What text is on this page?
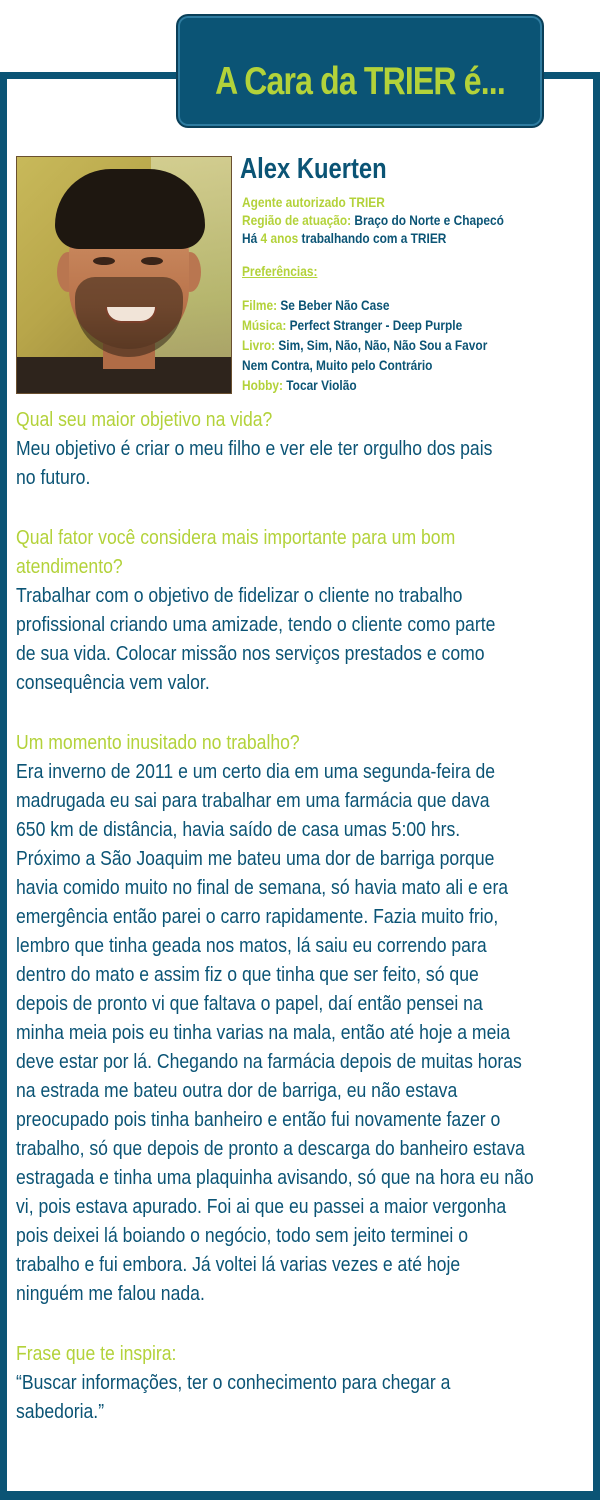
A Cara da TRIER é...
Alex Kuerten
Agente autorizado TRIER
Região de atuação: Braço do Norte e Chapecó
Há 4 anos trabalhando com a TRIER
Preferências:
Filme: Se Beber Não Case
Música: Perfect Stranger - Deep Purple
Livro: Sim, Sim, Não, Não, Não Sou a Favor
Nem Contra, Muito pelo Contrário
Hobby: Tocar Violão
Qual seu maior objetivo na vida?
Meu objetivo é criar o meu filho e ver ele ter orgulho dos pais
no futuro.
Qual fator você considera mais importante para um bom
atendimento?
Trabalhar com o objetivo de fidelizar o cliente no trabalho
profissional criando uma amizade, tendo o cliente como parte
de sua vida. Colocar missão nos serviços prestados e como
consequência vem valor.
Um momento inusitado no trabalho?
Era inverno de 2011 e um certo dia em uma segunda-feira de
madrugada eu sai para trabalhar em uma farmácia que dava
650 km de distância, havia saído de casa umas 5:00 hrs.
Próximo a São Joaquim me bateu uma dor de barriga porque
havia comido muito no final de semana, só havia mato ali e era
emergência então parei o carro rapidamente. Fazia muito frio,
lembro que tinha geada nos matos, lá saiu eu correndo para
dentro do mato e assim fiz o que tinha que ser feito, só que
depois de pronto vi que faltava o papel, daí então pensei na
minha meia pois eu tinha varias na mala, então até hoje a meia
deve estar por lá. Chegando na farmácia depois de muitas horas
na estrada me bateu outra dor de barriga, eu não estava
preocupado pois tinha banheiro e então fui novamente fazer o
trabalho, só que depois de pronto a descarga do banheiro estava
estragada e tinha uma plaquinha avisando, só que na hora eu não
vi, pois estava apurado. Foi ai que eu passei a maior vergonha
pois deixei lá boiando o negócio, todo sem jeito terminei o
trabalho e fui embora. Já voltei lá varias vezes e até hoje
ninguém me falou nada.
Frase que te inspira:
“Buscar informações, ter o conhecimento para chegar a
sabedoria.”
